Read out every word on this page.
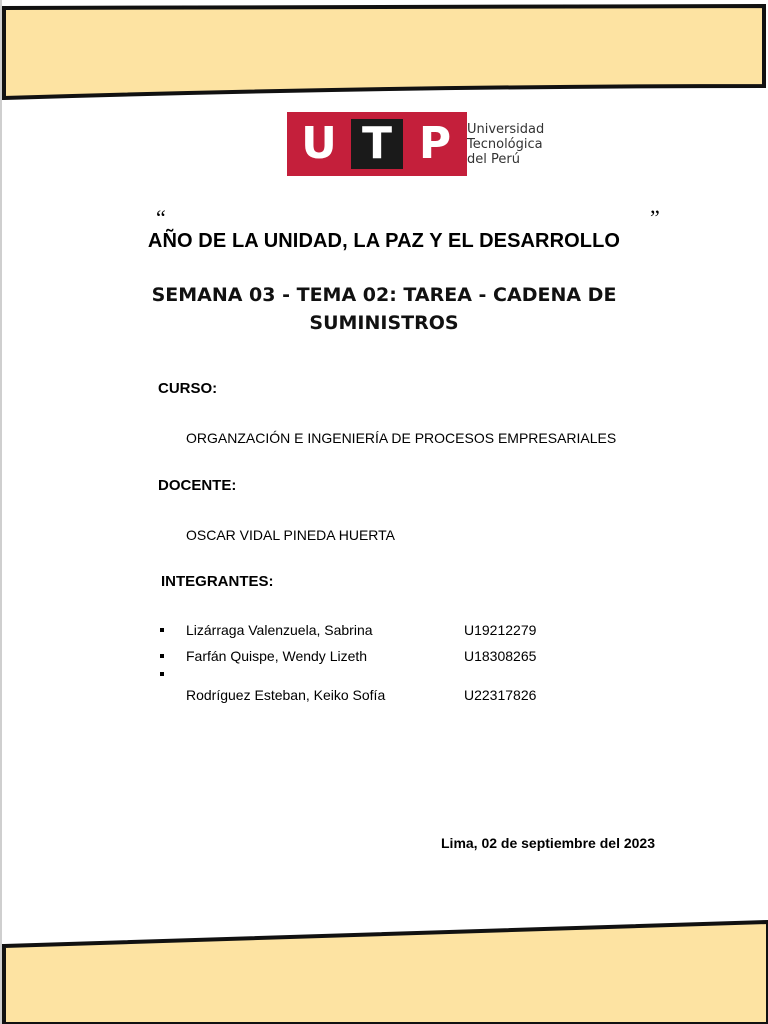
U T P	Universidad
Tecnológica
del Perú
“	”
AÑO DE LA UNIDAD, LA PAZ Y EL DESARROLLO
SEMANA 03 - TEMA 02: TAREA - CADENA DE SUMINISTROS
CURSO:
ORGANZACIÓN E INGENIERÍA DE PROCESOS EMPRESARIALES
DOCENTE:
OSCAR VIDAL PINEDA HUERTA
INTEGRANTES:
Lizárraga Valenzuela, Sabrina	U19212279
Farfán Quispe, Wendy Lizeth	U18308265
Rodríguez Esteban, Keiko Sofía	U22317826
Lima, 02 de septiembre del 2023
